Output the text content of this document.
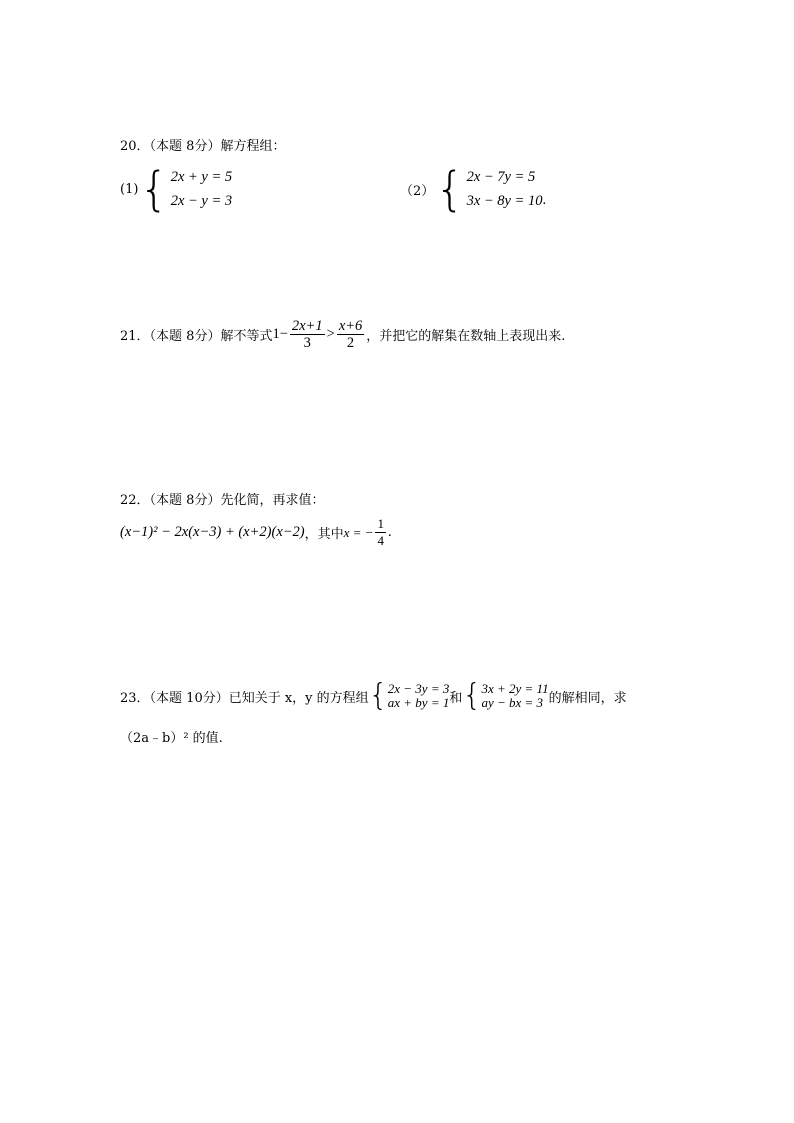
20．（本题 8分）解方程组：
(1) { 2x + y = 5
2x − y = 3
（2） { 2x − 7y = 5
3x − 8y = 10 .
21．（本题 8分）解不等式 $1- \frac{2x+1}{3} > \frac{x+6}{2}$ ，并把它的解集在数轴上表现出来.
22．（本题 8分）先化简，再求值：
(x−1)² − 2x(x−3) + (x+2)(x−2) ，其中 x = − $\frac{1}{4}$ .
23．（本题 10分）已知关于 x，y 的方程组 { 2x − 3y = 3
ax + by = 1 和 { 3x + 2y = 11
ay − bx = 3 的解相同，求
（2a﹣b）² 的值.
